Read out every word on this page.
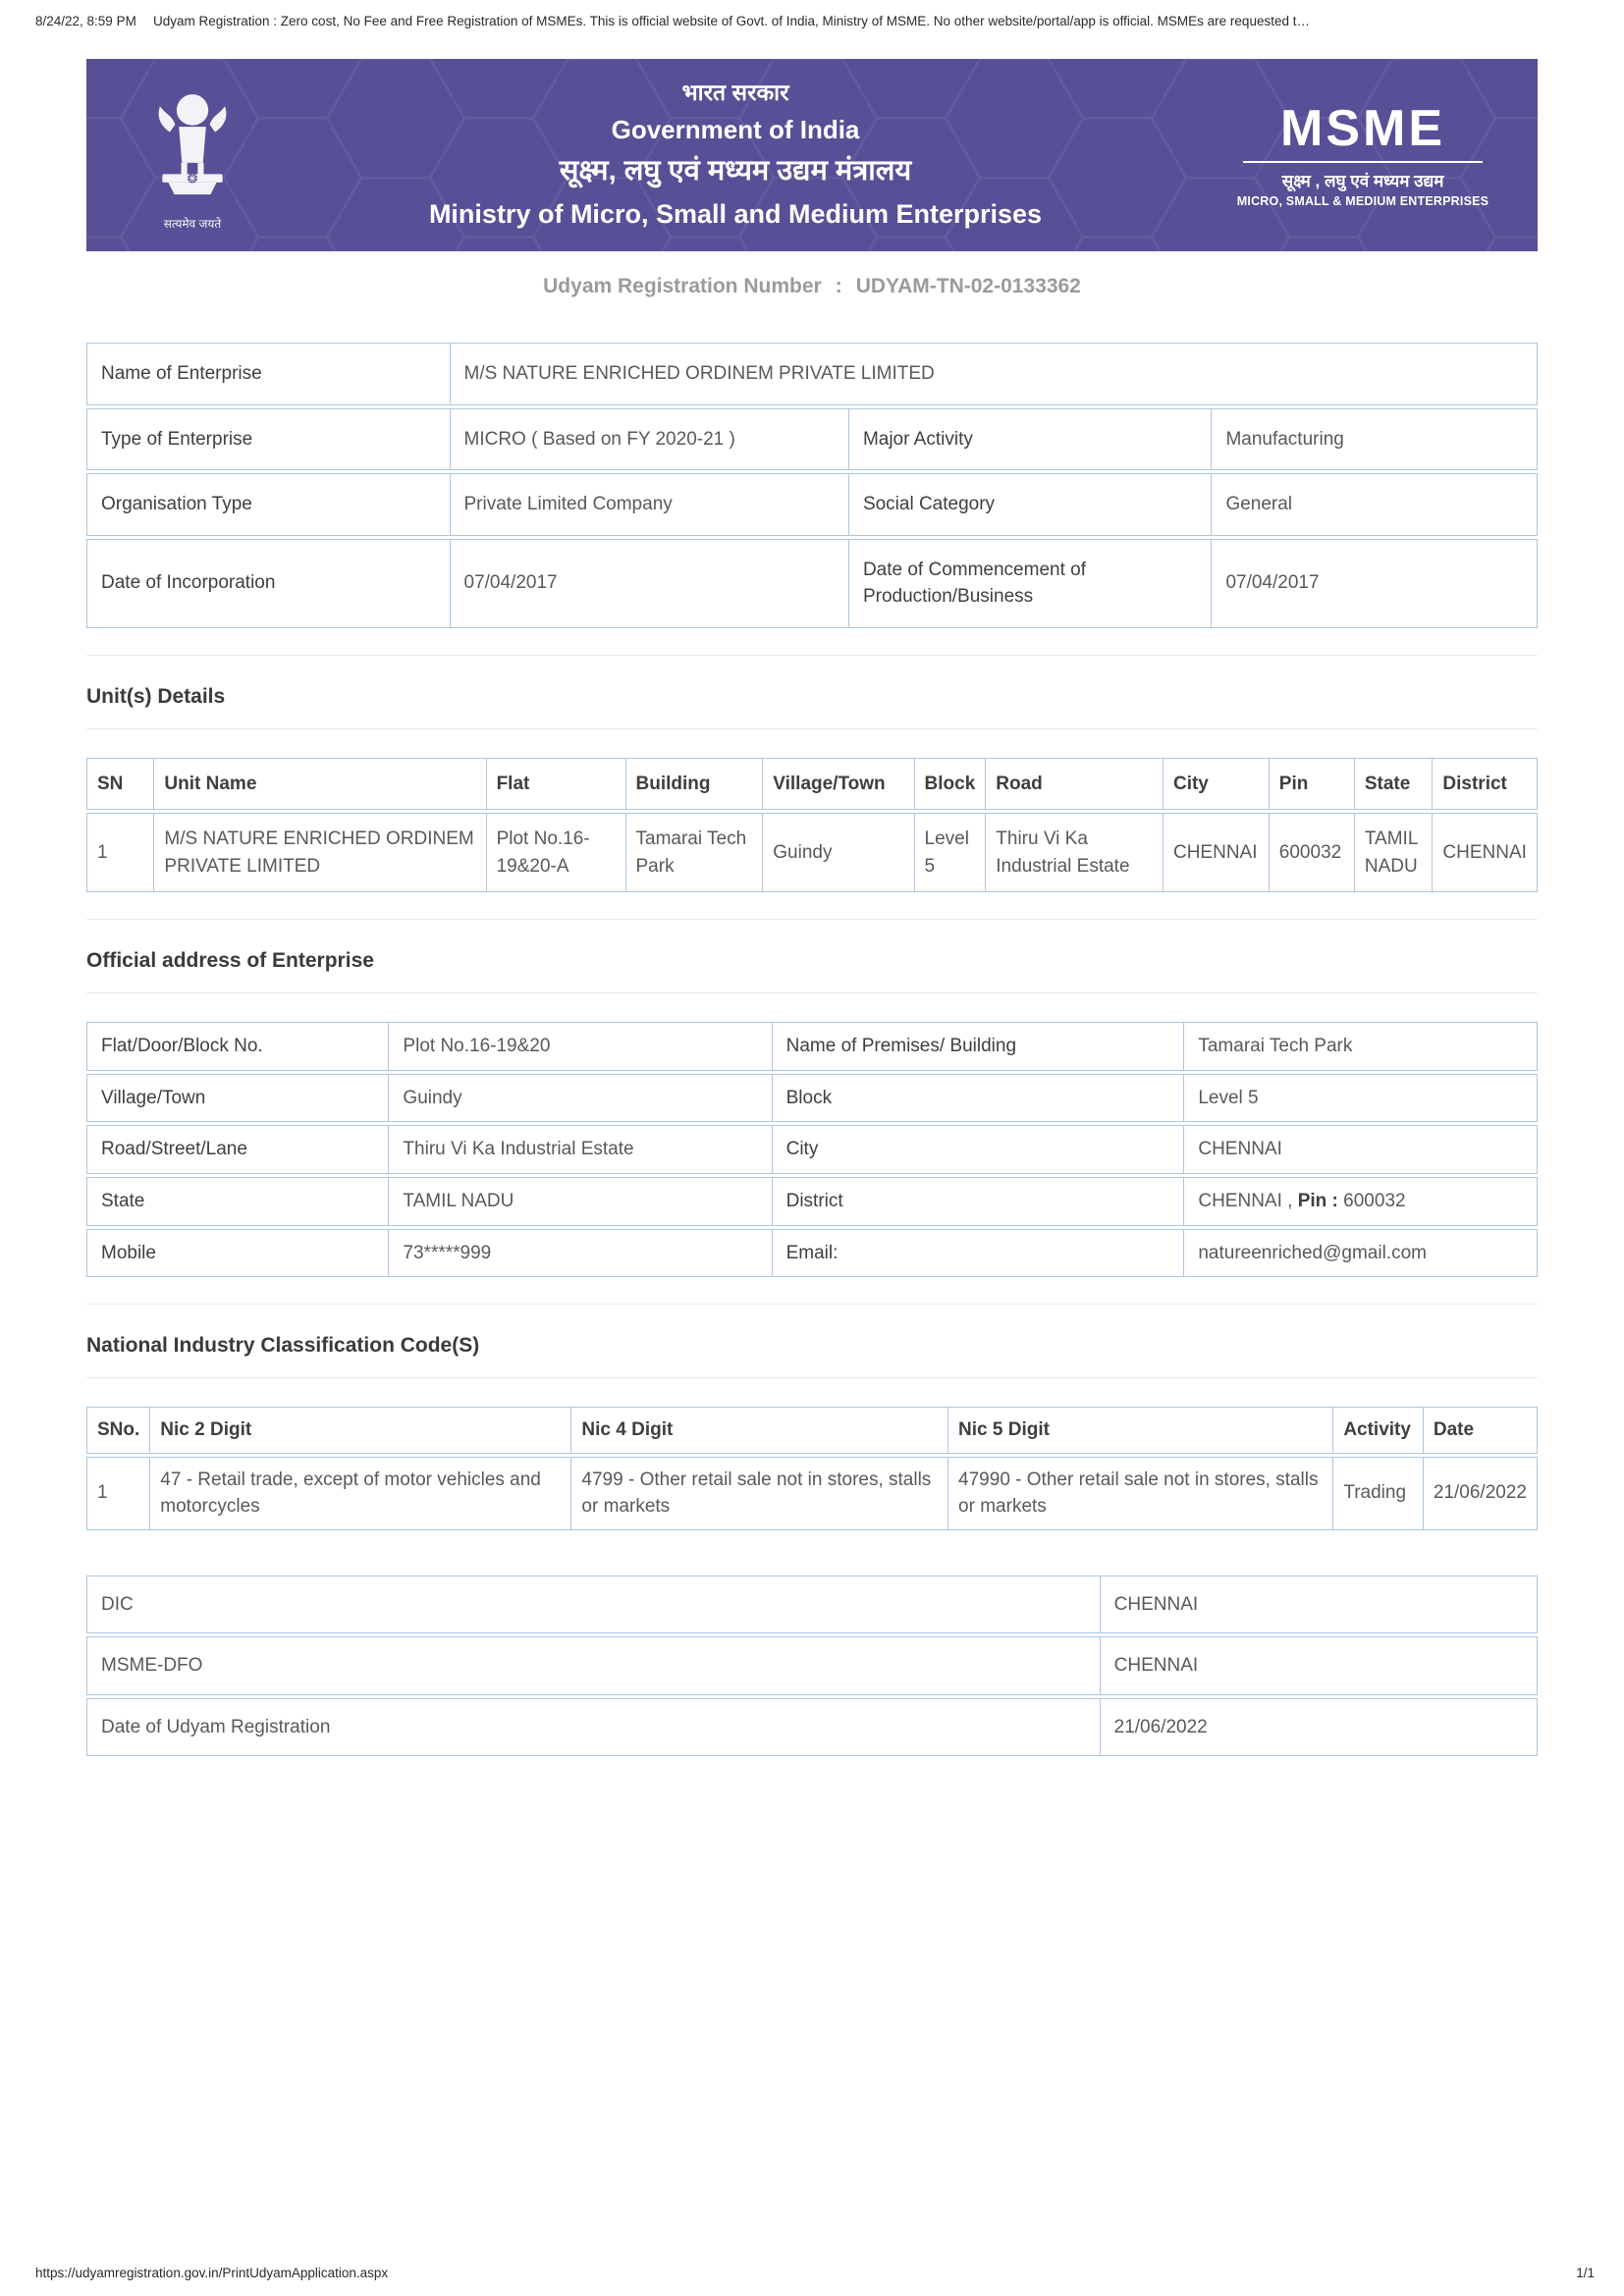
8/24/22, 8:59 PM	Udyam Registration : Zero cost, No Fee and Free Registration of MSMEs. This is official website of Govt. of India, Ministry of MSME. No other website/portal/app is official. MSMEs are requested t…
सत्यमेव जयते
भारत सरकार
Government of India
सूक्ष्म, लघु एवं मध्यम उद्यम मंत्रालय
Ministry of Micro, Small and Medium Enterprises
MSME
सूक्ष्म , लघु एवं मध्यम उद्यम
MICRO, SMALL & MEDIUM ENTERPRISES
Udyam Registration Number : UDYAM-TN-02-0133362
Name of Enterprise	M/S NATURE ENRICHED ORDINEM PRIVATE LIMITED		
Type of Enterprise	MICRO ( Based on FY 2020-21 )	Major Activity	Manufacturing
Organisation Type	Private Limited Company	Social Category	General
Date of Incorporation	07/04/2017	Date of Commencement of Production/Business	07/04/2017
Unit(s) Details
SN	Unit Name	Flat	Building	Village/Town	Block	Road	City	Pin	State	District
1	M/S NATURE ENRICHED ORDINEM PRIVATE LIMITED	Plot No.16-19&20-A	Tamarai Tech Park	Guindy	Level 5	Thiru Vi Ka Industrial Estate	CHENNAI	600032	TAMIL NADU	CHENNAI
Official address of Enterprise
Flat/Door/Block No.	Plot No.16-19&20	Name of Premises/ Building	Tamarai Tech Park
Village/Town	Guindy	Block	Level 5
Road/Street/Lane	Thiru Vi Ka Industrial Estate	City	CHENNAI
State	TAMIL NADU	District	CHENNAI , Pin : 600032
Mobile	73*****999	Email:	natureenriched@gmail.com
National Industry Classification Code(S)
SNo.	Nic 2 Digit	Nic 4 Digit	Nic 5 Digit	Activity	Date
1	47 - Retail trade, except of motor vehicles and motorcycles	4799 - Other retail sale not in stores, stalls or markets	47990 - Other retail sale not in stores, stalls or markets	Trading	21/06/2022
DIC	CHENNAI
MSME-DFO	CHENNAI
Date of Udyam Registration	21/06/2022
https://udyamregistration.gov.in/PrintUdyamApplication.aspx	1/1
